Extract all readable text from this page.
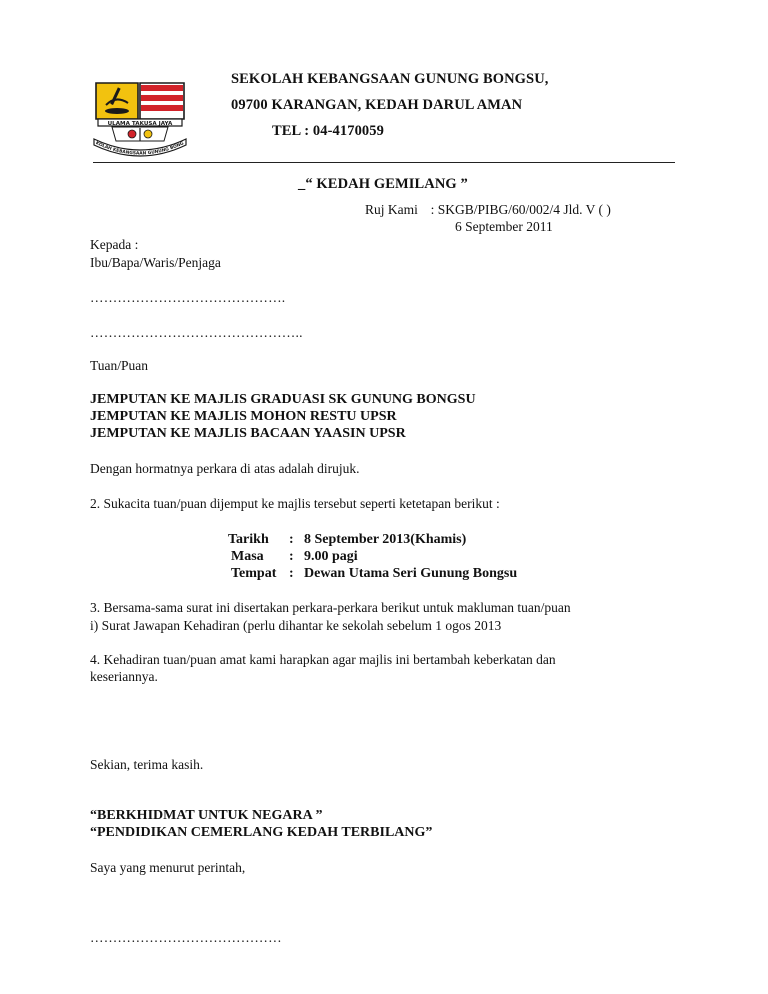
ULAMA TAKUSA JAYA
KOLAH KEBANGSAAN GUNUNG BONG
SEKOLAH KEBANGSAAN GUNUNG BONGSU,
09700 KARANGAN, KEDAH DARUL AMAN
TEL : 04-4170059
_“ KEDAH GEMILANG ”
Ruj Kami : SKGB/PIBG/60/002/4 Jld. V ( )
6 September 2011
Kepada :
Ibu/Bapa/Waris/Penjaga
…………………………………….
………………………………………..
Tuan/Puan
JEMPUTAN KE MAJLIS GRADUASI SK GUNUNG BONGSU
JEMPUTAN KE MAJLIS MOHON RESTU UPSR
JEMPUTAN KE MAJLIS BACAAN YAASIN UPSR
Dengan hormatnya perkara di atas adalah dirujuk.
2. Sukacita tuan/puan dijemput ke majlis tersebut seperti ketetapan berikut :
Tarikh	:	8 September 2013(Khamis)
Masa	:	9.00 pagi
Tempat	:	Dewan Utama Seri Gunung Bongsu
3. Bersama-sama surat ini disertakan perkara-perkara berikut untuk makluman tuan/puan
i) Surat Jawapan Kehadiran (perlu dihantar ke sekolah sebelum 1 ogos 2013
4. Kehadiran tuan/puan amat kami harapkan agar majlis ini bertambah keberkatan dan
keseriannya.
Sekian, terima kasih.
“BERKHIDMAT UNTUK NEGARA ”
“PENDIDIKAN CEMERLANG KEDAH TERBILANG”
Saya yang menurut perintah,
……………………………………
